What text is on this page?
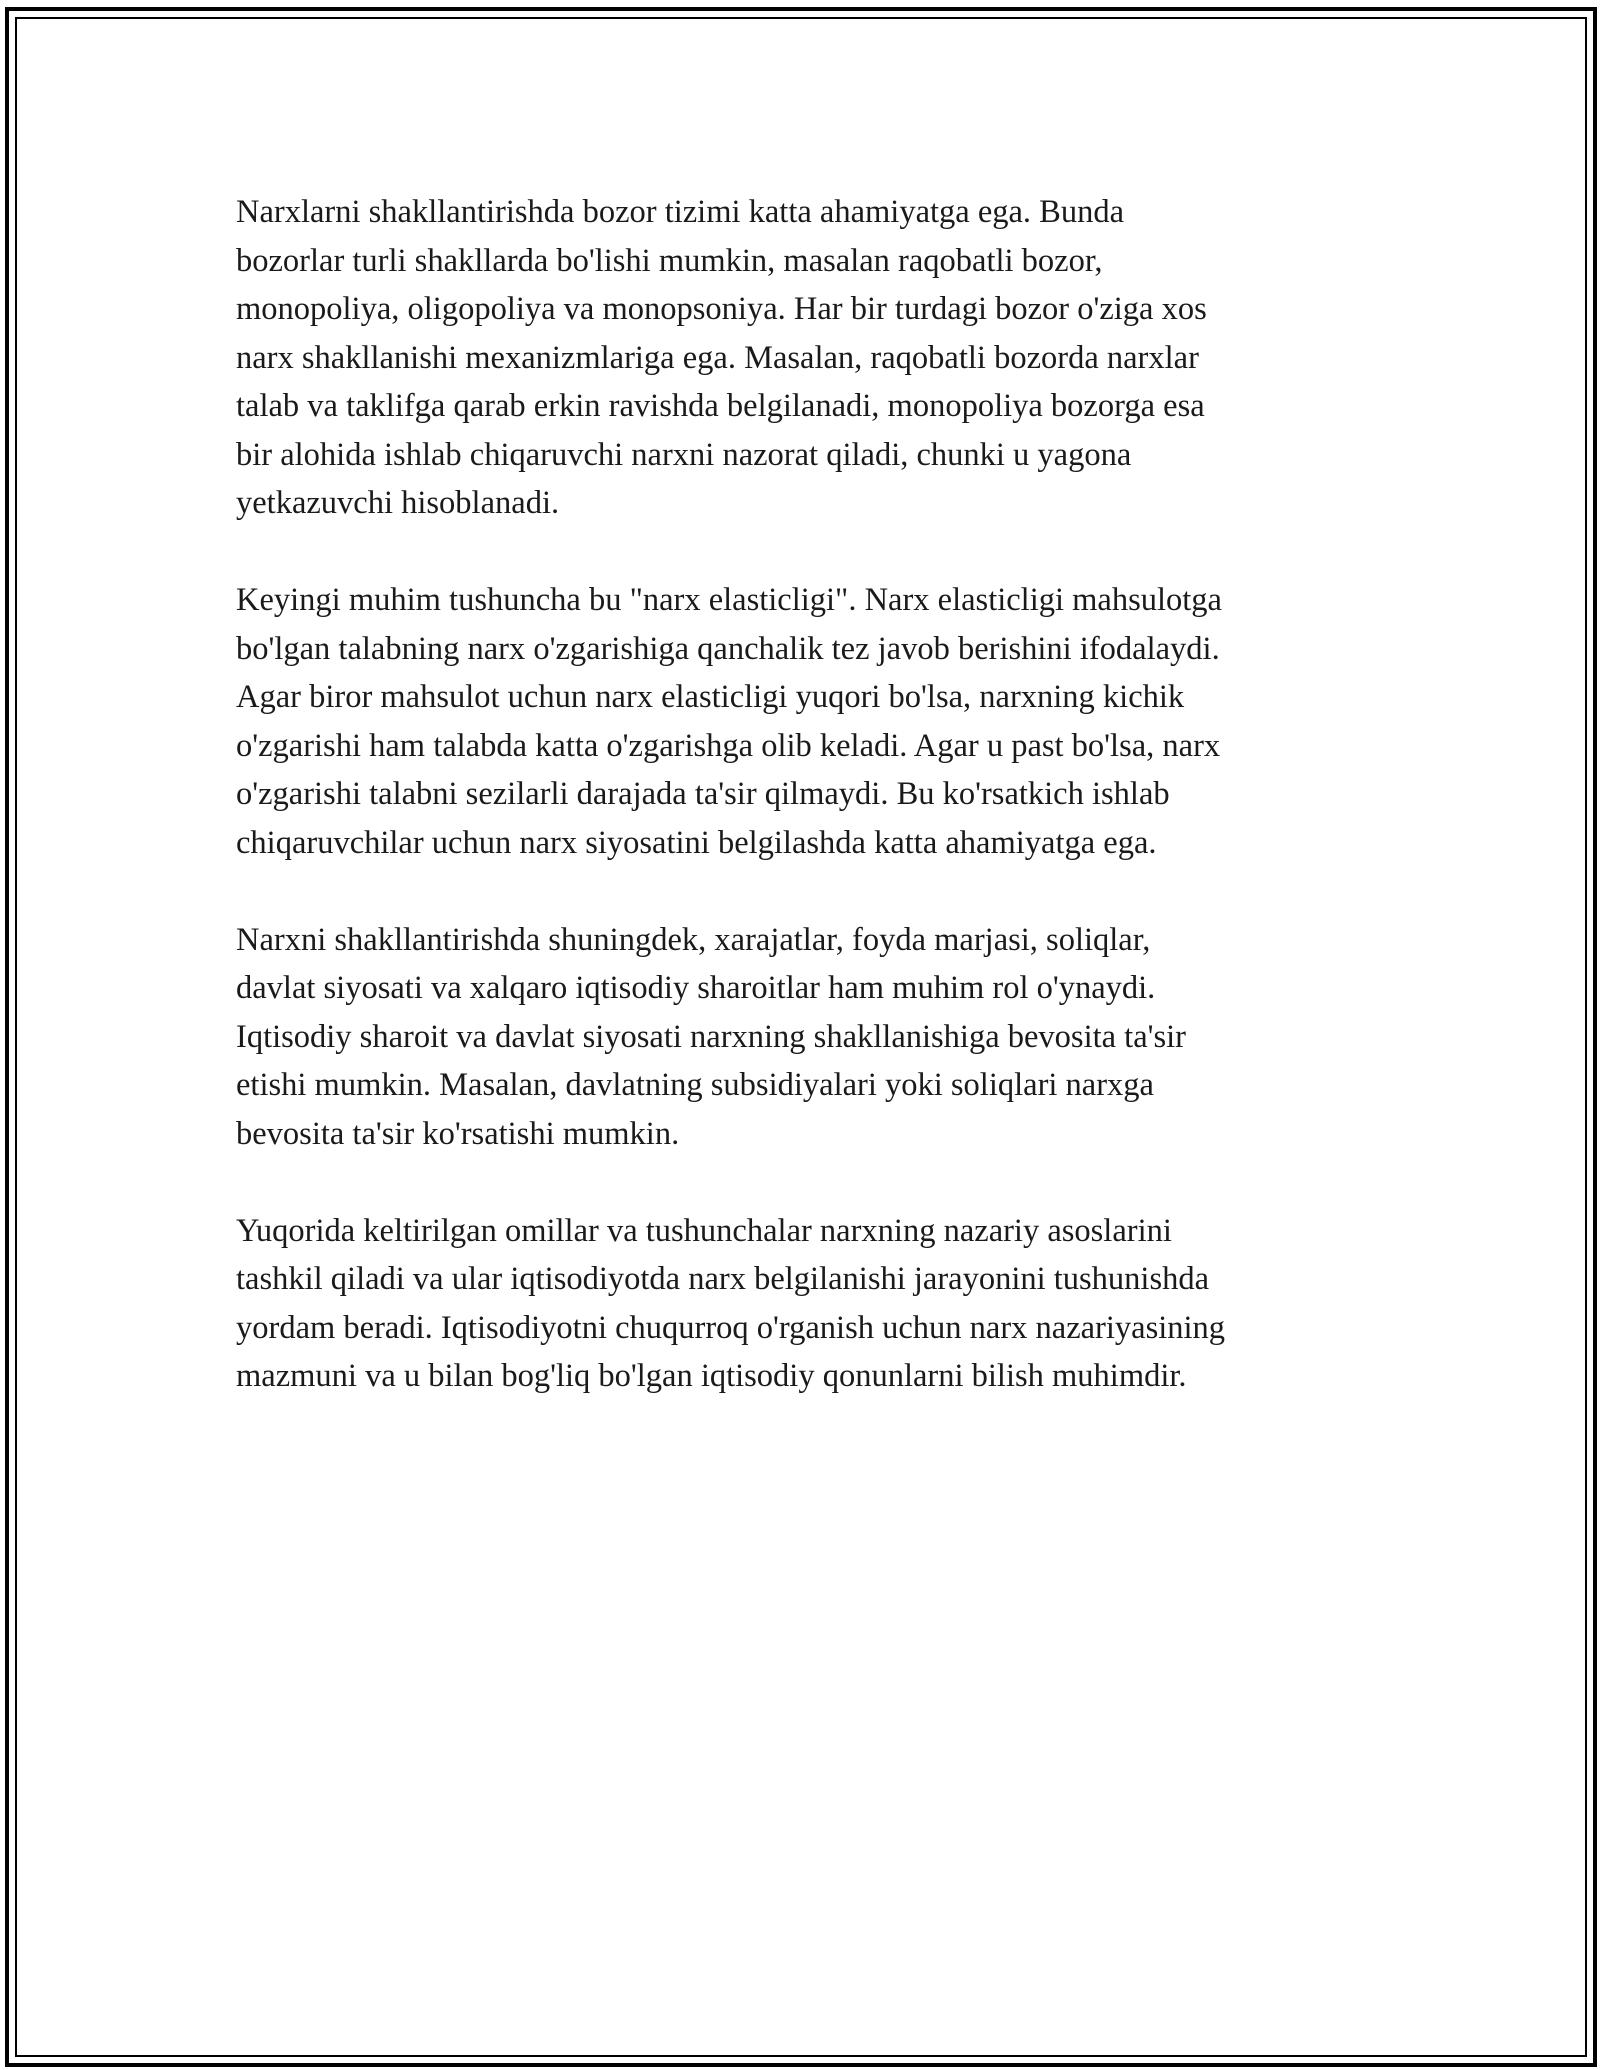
Narxlarni shakllantirishda bozor tizimi katta ahamiyatga ega. Bunda
bozorlar turli shakllarda bo'lishi mumkin, masalan raqobatli bozor,
monopoliya, oligopoliya va monopsoniya. Har bir turdagi bozor o'ziga xos
narx shakllanishi mexanizmlariga ega. Masalan, raqobatli bozorda narxlar
talab va taklifga qarab erkin ravishda belgilanadi, monopoliya bozorga esa
bir alohida ishlab chiqaruvchi narxni nazorat qiladi, chunki u yagona
yetkazuvchi hisoblanadi.

Keyingi muhim tushuncha bu "narx elasticligi". Narx elasticligi mahsulotga
bo'lgan talabning narx o'zgarishiga qanchalik tez javob berishini ifodalaydi.
Agar biror mahsulot uchun narx elasticligi yuqori bo'lsa, narxning kichik
o'zgarishi ham talabda katta o'zgarishga olib keladi. Agar u past bo'lsa, narx
o'zgarishi talabni sezilarli darajada ta'sir qilmaydi. Bu ko'rsatkich ishlab
chiqaruvchilar uchun narx siyosatini belgilashda katta ahamiyatga ega.

Narxni shakllantirishda shuningdek, xarajatlar, foyda marjasi, soliqlar,
davlat siyosati va xalqaro iqtisodiy sharoitlar ham muhim rol o'ynaydi.
Iqtisodiy sharoit va davlat siyosati narxning shakllanishiga bevosita ta'sir
etishi mumkin. Masalan, davlatning subsidiyalari yoki soliqlari narxga
bevosita ta'sir ko'rsatishi mumkin.

Yuqorida keltirilgan omillar va tushunchalar narxning nazariy asoslarini
tashkil qiladi va ular iqtisodiyotda narx belgilanishi jarayonini tushunishda
yordam beradi. Iqtisodiyotni chuqurroq o'rganish uchun narx nazariyasining
mazmuni va u bilan bog'liq bo'lgan iqtisodiy qonunlarni bilish muhimdir.
